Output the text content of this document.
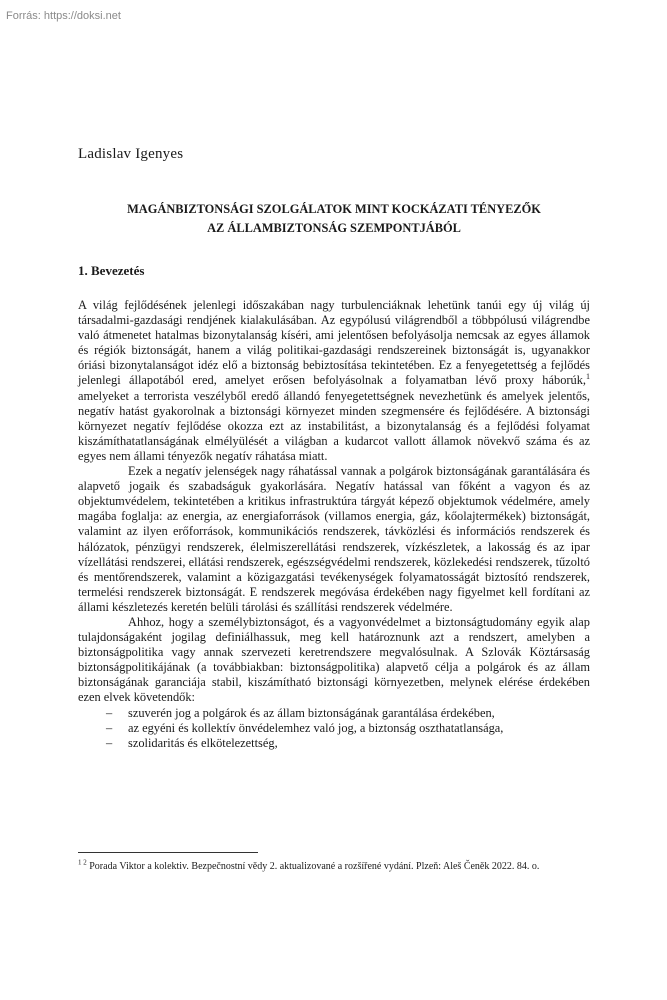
Forrás: https://doksi.net
Ladislav Igenyes
MAGÁNBIZTONSÁGI SZOLGÁLATOK MINT KOCKÁZATI TÉNYEZŐK
AZ ÁLLAMBIZTONSÁG SZEMPONTJÁBÓL
1. Bevezetés

A világ fejlődésének jelenlegi időszakában nagy turbulenciáknak lehetünk tanúi egy új világ új társadalmi-gazdasági rendjének kialakulásában. Az egypólusú világrendből a többpólusú világrendbe való átmenetet hatalmas bizonytalanság kíséri, ami jelentősen befolyásolja nemcsak az egyes államok és régiók biztonságát, hanem a világ politikai-gazdasági rendszereinek biztonságát is, ugyanakkor óriási bizonytalanságot idéz elő a biztonság bebiztosítása tekintetében. Ez a fenyegetettség a fejlődés jelenlegi állapotából ered, amelyet erősen befolyásolnak a folyamatban lévő proxy háborúk,$^1$ amelyeket a terrorista veszélyből eredő állandó fenyegetettségnek nevezhetünk és amelyek jelentős, negatív hatást gyakorolnak a biztonsági környezet minden szegmensére és fejlődésére. A biztonsági környezet negatív fejlődése okozza ezt az instabilitást, a bizonytalanság és a fejlődési folyamat kiszámíthatatlanságának elmélyülését a világban a kudarcot vallott államok növekvő száma és az egyes nem állami tényezők negatív ráhatása miatt.

Ezek a negatív jelenségek nagy ráhatással vannak a polgárok biztonságának garantálására és alapvető jogaik és szabadságuk gyakorlására. Negatív hatással van főként a vagyon és az objektumvédelem, tekintetében a kritikus infrastruktúra tárgyát képező objektumok védelmére, amely magába foglalja: az energia, az energiaforrások (villamos energia, gáz, kőolajtermékek) biztonságát, valamint az ilyen erőforrások, kommunikációs rendszerek, távközlési és információs rendszerek és hálózatok, pénzügyi rendszerek, élelmiszerellátási rendszerek, vízkészletek, a lakosság és az ipar vízellátási rendszerei, ellátási rendszerek, egészségvédelmi rendszerek, közlekedési rendszerek, tűzoltó és mentőrendszerek, valamint a közigazgatási tevékenységek folyamatosságát biztosító rendszerek, termelési rendszerek biztonságát. E rendszerek megóvása érdekében nagy figyelmet kell fordítani az állami készletezés keretén belüli tárolási és szállítási rendszerek védelmére.

Ahhoz, hogy a személybiztonságot, és a vagyonvédelmet a biztonságtudomány egyik alap tulajdonságaként jogilag definiálhassuk, meg kell határoznunk azt a rendszert, amelyben a biztonságpolitika vagy annak szervezeti keretrendszere megvalósulnak. A Szlovák Köztársaság biztonságpolitikájának (a továbbiakban: biztonságpolitika) alapvető célja a polgárok és az állam biztonságának garanciája stabil, kiszámítható biztonsági környezetben, melynek elérése érdekében ezen elvek követendők:

– szuverén jog a polgárok és az állam biztonságának garantálása érdekében,
– az egyéni és kollektív önvédelemhez való jog, a biztonság oszthatatlansága,
– szolidaritás és elkötelezettség,
$^{1 2}$ Porada Viktor a kolektiv. Bezpečnostní vědy 2. aktualizované a rozšířené vydání. Plzeň: Aleš Čeněk 2022. 84. o.
